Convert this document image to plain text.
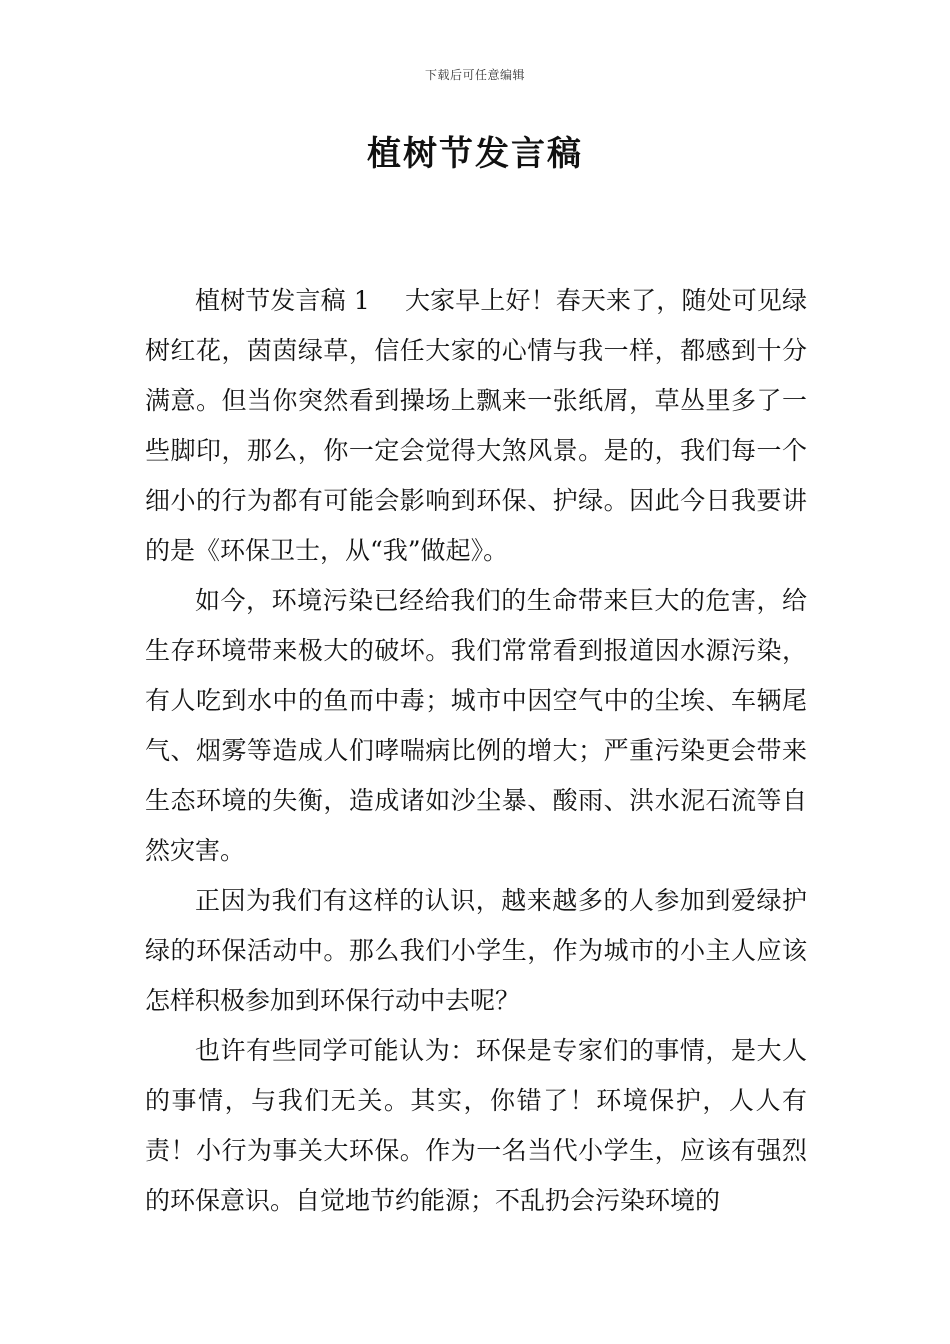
下载后可任意编辑
植树节发言稿

植树节发言稿 1 大家早上好！春天来了，随处可见绿树红花，茵茵绿草，信任大家的心情与我一样，都感到十分满意。但当你突然看到操场上飘来一张纸屑，草丛里多了一些脚印，那么，你一定会觉得大煞风景。是的，我们每一个细小的行为都有可能会影响到环保、护绿。因此今日我要讲的是《环保卫士，从“我”做起》。

如今，环境污染已经给我们的生命带来巨大的危害，给生存环境带来极大的破坏。我们常常看到报道因水源污染，有人吃到水中的鱼而中毒；城市中因空气中的尘埃、车辆尾气、烟雾等造成人们哮喘病比例的增大；严重污染更会带来生态环境的失衡，造成诸如沙尘暴、酸雨、洪水泥石流等自然灾害。

正因为我们有这样的认识，越来越多的人参加到爱绿护绿的环保活动中。那么我们小学生，作为城市的小主人应该怎样积极参加到环保行动中去呢？

也许有些同学可能认为：环保是专家们的事情，是大人的事情，与我们无关。其实，你错了！环境保护，人人有责！小行为事关大环保。作为一名当代小学生，应该有强烈的环保意识。自觉地节约能源；不乱扔会污染环境的
